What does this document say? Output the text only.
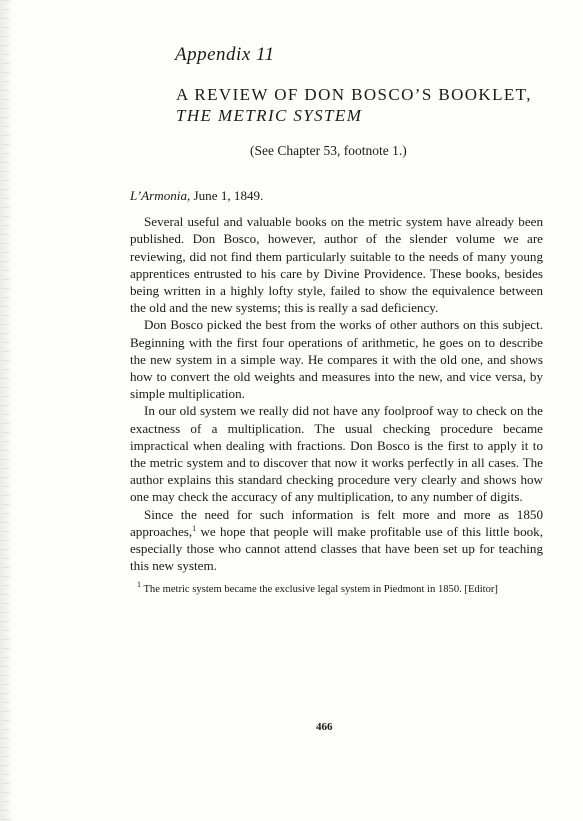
Appendix 11
A REVIEW OF DON BOSCO’S BOOKLET, THE METRIC SYSTEM
(See Chapter 53, footnote 1.)

L’Armonia, June 1, 1849.

Several useful and valuable books on the metric system have already been published. Don Bosco, however, author of the slender volume we are reviewing, did not find them particularly suitable to the needs of many young apprentices entrusted to his care by Divine Providence. These books, besides being written in a highly lofty style, failed to show the equivalence between the old and the new systems; this is really a sad deficiency.

Don Bosco picked the best from the works of other authors on this subject. Beginning with the first four operations of arithmetic, he goes on to describe the new system in a simple way. He compares it with the old one, and shows how to convert the old weights and measures into the new, and vice versa, by simple multiplication.

In our old system we really did not have any foolproof way to check on the exactness of a multiplication. The usual checking procedure became impractical when dealing with fractions. Don Bosco is the first to apply it to the metric system and to discover that now it works perfectly in all cases. The author explains this standard checking procedure very clearly and shows how one may check the accuracy of any multiplication, to any number of digits.

Since the need for such information is felt more and more as 1850 approaches,$^1$ we hope that people will make profitable use of this little book, especially those who cannot attend classes that have been set up for teaching this new system.

$^1$ The metric system became the exclusive legal system in Piedmont in 1850. [Editor]

466
